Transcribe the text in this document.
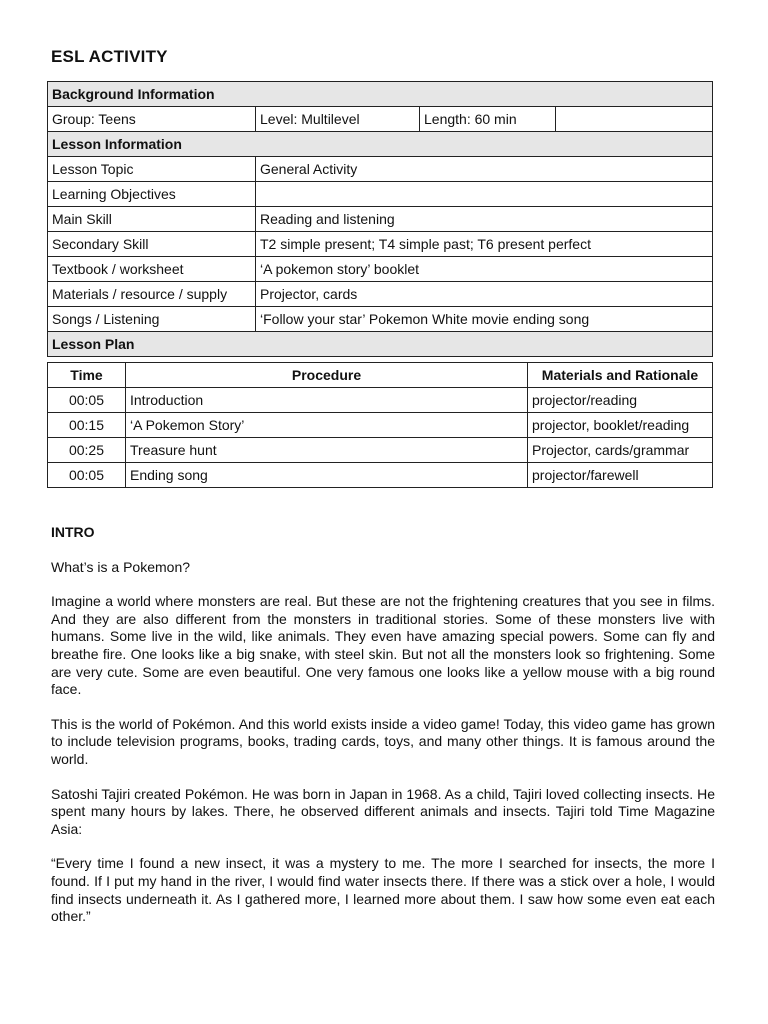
ESL ACTIVITY
Background Information			
Group: Teens	Level: Multilevel	Length: 60 min	
Lesson Information			
Lesson Topic	General Activity		
Learning Objectives			
Main Skill	Reading and listening		
Secondary Skill	T2 simple present; T4 simple past; T6 present perfect		
Textbook / worksheet	‘A pokemon story’ booklet		
Materials / resource / supply	Projector, cards		
Songs / Listening	‘Follow your star’ Pokemon White movie ending song		
Lesson Plan			
Time	Procedure	Materials and Rationale
00:05	Introduction	projector/reading
00:15	‘A Pokemon Story’	projector, booklet/reading
00:25	Treasure hunt	Projector, cards/grammar
00:05	Ending song	projector/farewell
INTRO

What’s is a Pokemon?

Imagine a world where monsters are real. But these are not the frightening creatures that you see in films. And they are also different from the monsters in traditional stories. Some of these monsters live with humans. Some live in the wild, like animals. They even have amazing special powers. Some can fly and breathe fire. One looks like a big snake, with steel skin. But not all the monsters look so frightening. Some are very cute. Some are even beautiful. One very famous one looks like a yellow mouse with a big round face.

This is the world of Pokémon. And this world exists inside a video game! Today, this video game has grown to include television programs, books, trading cards, toys, and many other things. It is famous around the world.

Satoshi Tajiri created Pokémon. He was born in Japan in 1968. As a child, Tajiri loved collecting insects. He spent many hours by lakes. There, he observed different animals and insects. Tajiri told Time Magazine Asia:

“Every time I found a new insect, it was a mystery to me. The more I searched for insects, the more I found. If I put my hand in the river, I would find water insects there. If there was a stick over a hole, I would find insects underneath it. As I gathered more, I learned more about them. I saw how some even eat each other.”
